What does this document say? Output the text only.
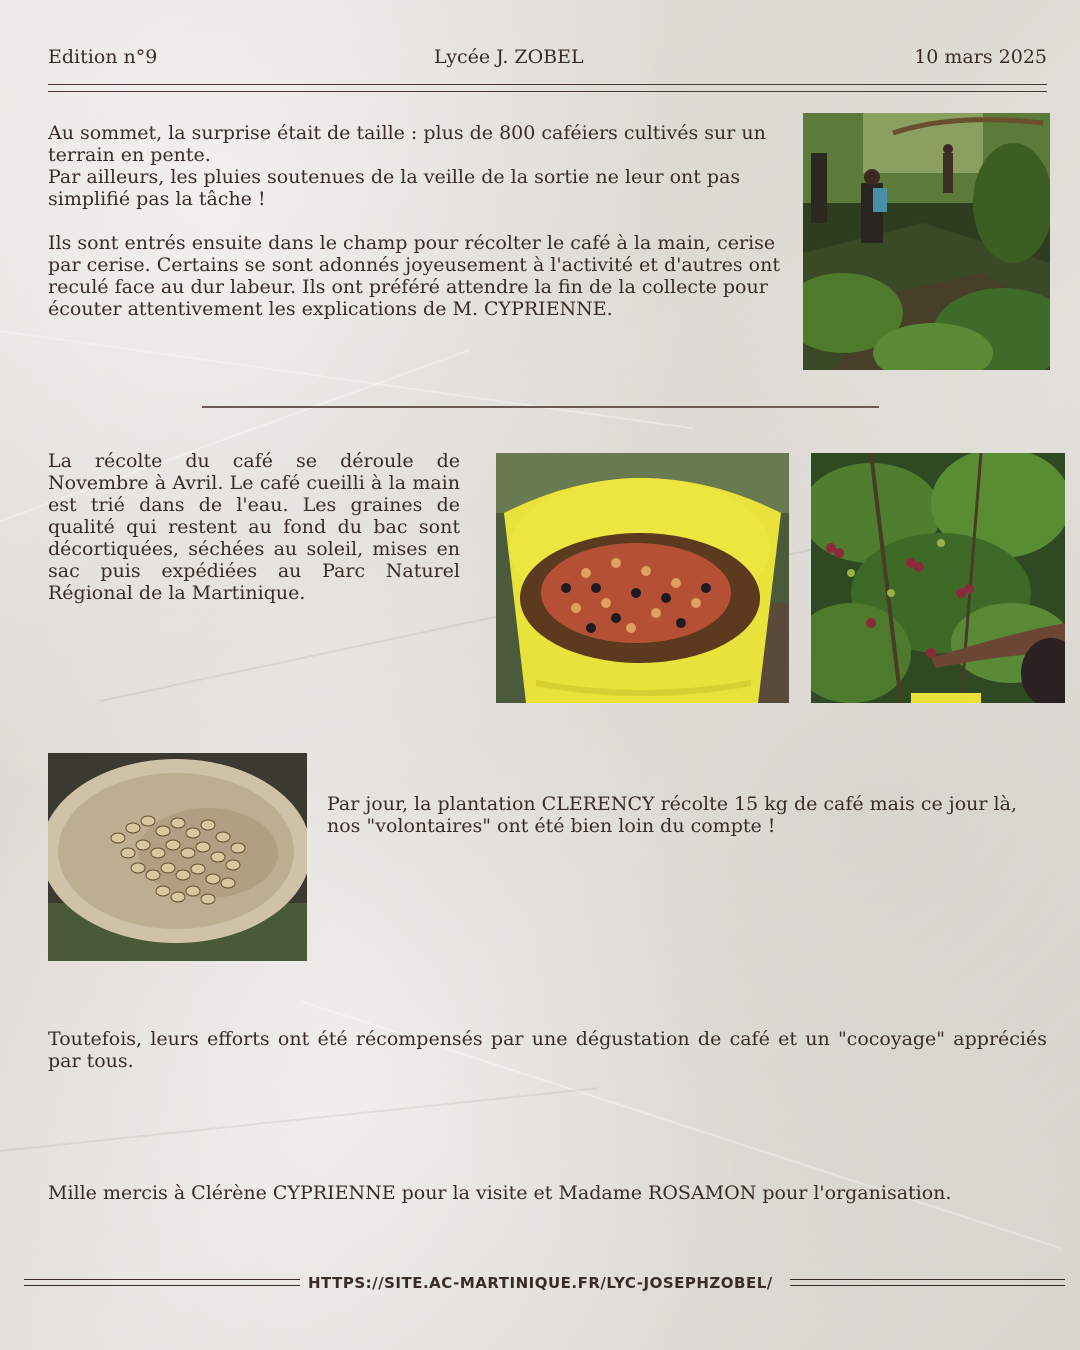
Edition n°9	Lycée J. ZOBEL	10 mars 2025

Au sommet, la surprise était de taille : plus de 800 caféiers cultivés sur un terrain en pente.

Par ailleurs, les pluies soutenues de la veille de la sortie ne leur ont pas simplifié pas la tâche !

Ils sont entrés ensuite dans le champ pour récolter le café à la main, cerise par cerise. Certains se sont adonnés joyeusement à l'activité et d'autres ont reculé face au dur labeur. Ils ont préféré attendre la fin de la collecte pour écouter attentivement les explications de M. CYPRIENNE.

La récolte du café se déroule de Novembre à Avril. Le café cueilli à la main est trié dans de l'eau. Les graines de qualité qui restent au fond du bac sont décortiquées, séchées au soleil, mises en sac puis expédiées au Parc Naturel Régional de la Martinique.

Par jour, la plantation CLERENCY récolte 15 kg de café mais ce jour là, nos "volontaires" ont été bien loin du compte !

Toutefois, leurs efforts ont été récompensés par une dégustation de café et un "cocoyage" appréciés par tous.

Mille mercis à Clérène CYPRIENNE pour la visite et Madame ROSAMON pour l'organisation.

HTTPS://SITE.AC-MARTINIQUE.FR/LYC-JOSEPHZOBEL/
